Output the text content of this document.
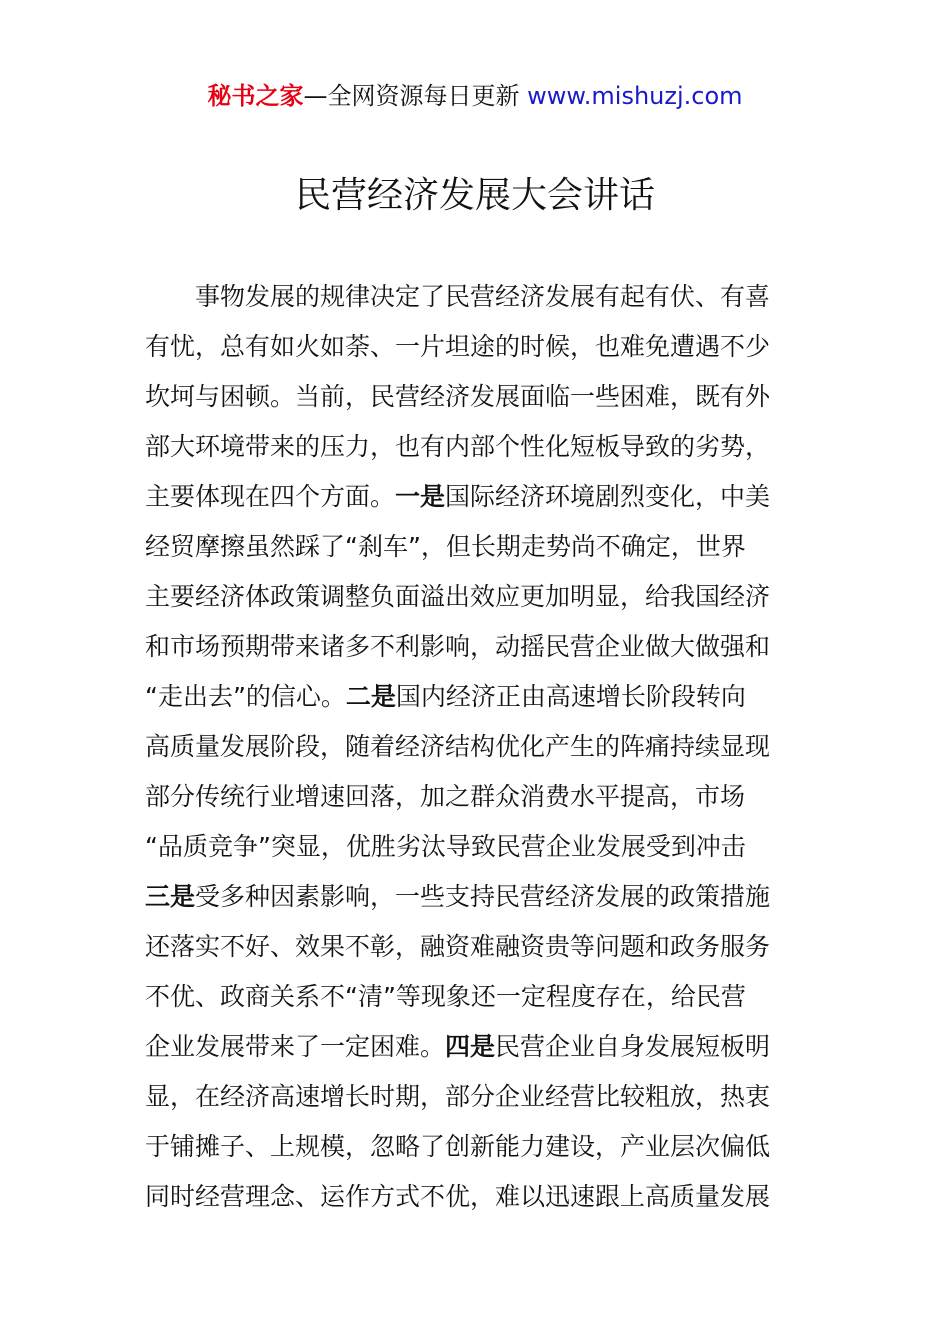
秘书之家—全网资源每日更新 www.mishuzj.com
民营经济发展大会讲话
事物发展的规律决定了民营经济发展有起有伏、有喜
有忧，总有如火如荼、一片坦途的时候，也难免遭遇不少
坎坷与困顿。当前，民营经济发展面临一些困难，既有外
部大环境带来的压力，也有内部个性化短板导致的劣势，
主要体现在四个方面。一是国际经济环境剧烈变化，中美
经贸摩擦虽然踩了“刹车”，但长期走势尚不确定，世界
主要经济体政策调整负面溢出效应更加明显，给我国经济
和市场预期带来诸多不利影响，动摇民营企业做大做强和
“走出去”的信心。二是国内经济正由高速增长阶段转向
高质量发展阶段，随着经济结构优化产生的阵痛持续显现
部分传统行业增速回落，加之群众消费水平提高，市场
“品质竞争”突显，优胜劣汰导致民营企业发展受到冲击
三是受多种因素影响，一些支持民营经济发展的政策措施
还落实不好、效果不彰，融资难融资贵等问题和政务服务
不优、政商关系不“清”等现象还一定程度存在，给民营
企业发展带来了一定困难。四是民营企业自身发展短板明
显，在经济高速增长时期，部分企业经营比较粗放，热衷
于铺摊子、上规模，忽略了创新能力建设，产业层次偏低
同时经营理念、运作方式不优，难以迅速跟上高质量发展
